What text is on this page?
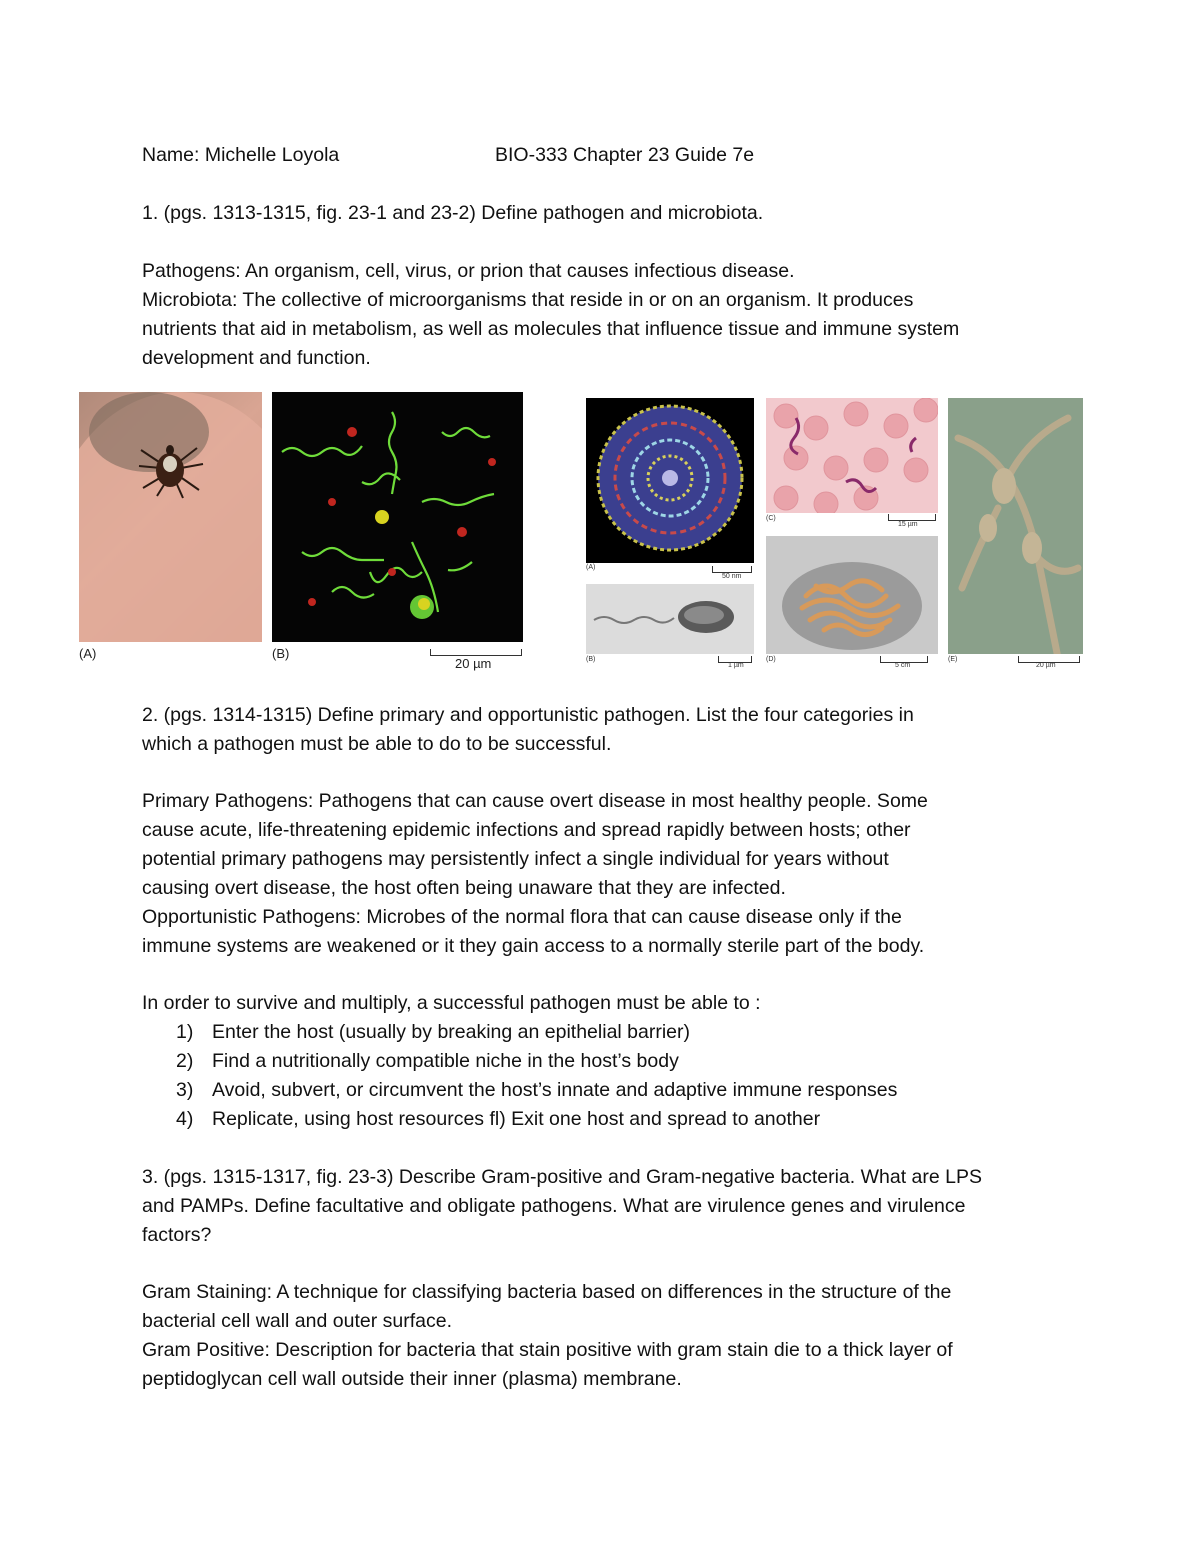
Name: Michelle Loyola	BIO-333 Chapter 23 Guide 7e

1. (pgs. 1313-1315, fig. 23-1 and 23-2) Define pathogen and microbiota.

Pathogens: An organism, cell, virus, or prion that causes infectious disease.
Microbiota: The collective of microorganisms that reside in or on an organism. It produces
nutrients that aid in metabolism, as well as molecules that influence tissue and immune system
development and function.

(A)	(B)
20 µm
(A)
50 nm
(B)
1 µm
(C)
15 µm
(D)
5 cm
(E)
20 µm

2. (pgs. 1314-1315) Define primary and opportunistic pathogen. List the four categories in
which a pathogen must be able to do to be successful.

Primary Pathogens: Pathogens that can cause overt disease in most healthy people. Some
cause acute, life-threatening epidemic infections and spread rapidly between hosts; other
potential primary pathogens may persistently infect a single individual for years without
causing overt disease, the host often being unaware that they are infected.
Opportunistic Pathogens: Microbes of the normal flora that can cause disease only if the
immune systems are weakened or it they gain access to a normally sterile part of the body.

In order to survive and multiply, a successful pathogen must be able to :

1) Enter the host (usually by breaking an epithelial barrier)
2) Find a nutritionally compatible niche in the host’s body
3) Avoid, subvert, or circumvent the host’s innate and adaptive immune responses
4) Replicate, using host resources fl) Exit one host and spread to another

3. (pgs. 1315-1317, fig. 23-3) Describe Gram-positive and Gram-negative bacteria. What are LPS
and PAMPs. Define facultative and obligate pathogens. What are virulence genes and virulence
factors?

Gram Staining: A technique for classifying bacteria based on differences in the structure of the
bacterial cell wall and outer surface.
Gram Positive: Description for bacteria that stain positive with gram stain die to a thick layer of
peptidoglycan cell wall outside their inner (plasma) membrane.
